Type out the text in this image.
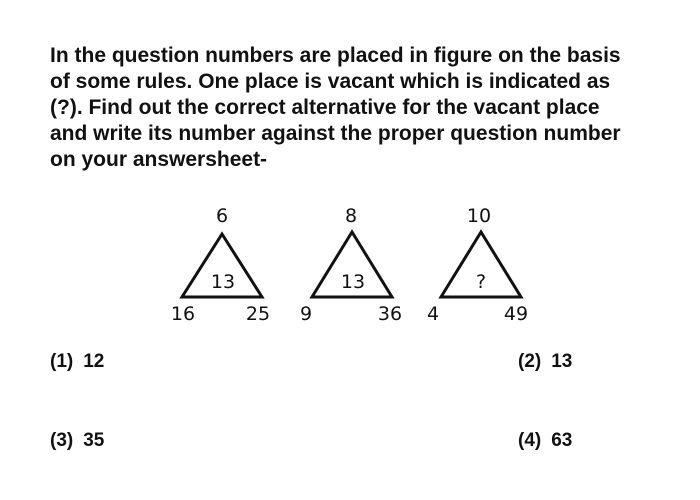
In the question numbers are placed in figure on the basis
of some rules. One place is vacant which is indicated as
(?). Find out the correct alternative for the vacant place
and write its number against the proper question number
on your answersheet-

6
13
16	25
8
13
9	36
10
?
4	49
(1) 12	(2) 13
(3) 35	(4) 63
